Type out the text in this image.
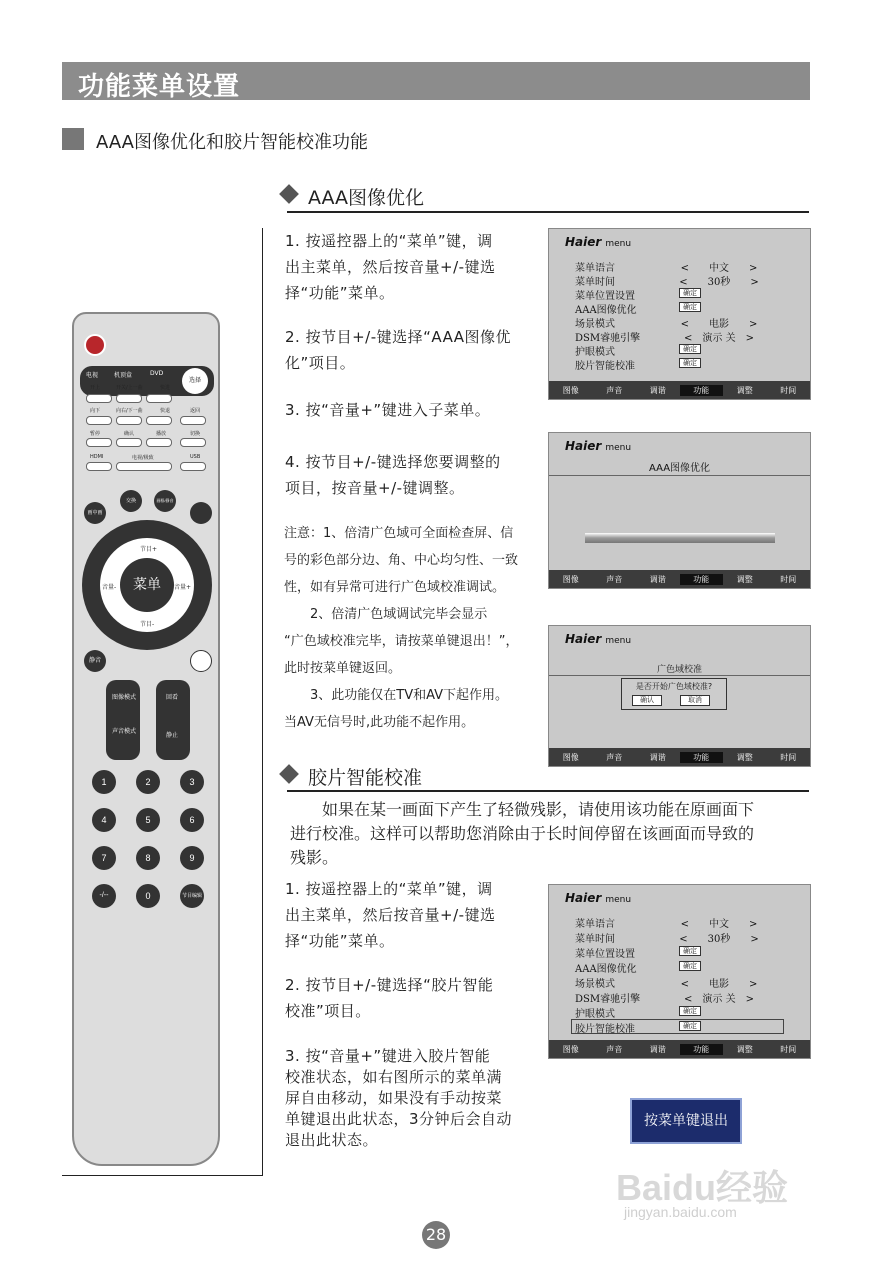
功能菜单设置
AAA图像优化和胶片智能校准功能
AAA图像优化
1. 按遥控器上的“菜单”键，调
出主菜单，然后按音量+/-键选
择“功能”菜单。
2. 按节目+/-键选择“AAA图像优
化”项目。
3. 按“音量+”键进入子菜单。
4. 按节目+/-键选择您要调整的
项目，按音量+/-键调整。
注意：1、倍清广色域可全面检查屏、信
号的彩色部分边、角、中心均匀性、一致
性，如有异常可进行广色域校准调试。
　　2、倍清广色域调试完毕会显示
“广色域校准完毕，请按菜单键退出！”，
此时按菜单键返回。
　　3、此功能仅在TV和AV下起作用。
当AV无信号时,此功能不起作用。
Haier menu
菜单语言	<　　中文　　>
菜单时间	<　　30秒　　>
菜单位置设置	确定
AAA图像优化	确定
场景模式	<　　电影　　>
DSM睿驰引擎	<　演示 关　>
护眼模式	确定
胶片智能校准	确定
图像	声音	调谐	功能	调整	时间
Haier menu
AAA图像优化
图像	声音	调谐	功能	调整	时间
Haier menu
广色域校准
是否开始广色域校准?
确认	取消
图像	声音	调谐	功能	调整	时间
胶片智能校准
　　如果在某一画面下产生了轻微残影，请使用该功能在原画面下
进行校准。这样可以帮助您消除由于长时间停留在该画面而导致的
残影。
1. 按遥控器上的“菜单”键，调
出主菜单，然后按音量+/-键选
择“功能”菜单。
2. 按节目+/-键选择“胶片智能
校准”项目。
3. 按“音量+”键进入胶片智能
校准状态，如右图所示的菜单满
屏自由移动，如果没有手动按菜
单键退出此状态，3分钟后会自动
退出此状态。
Haier menu
菜单语言	<　　中文　　>
菜单时间	<　　30秒　　>
菜单位置设置	确定
AAA图像优化	确定
场景模式	<　　电影　　>
DSM睿驰引擎	<　演示 关　>
护眼模式	确定
胶片智能校准	确定
图像	声音	调谐	功能	调整	时间
按菜单键退出
电视	机顶盒	DVD
选择
开上	开关/上一曲	快进
向下	向右/下一曲	快退	返回
暂停	确认	播放	切换
HDMI	电视/极致	USB
画中画
交换	画框/静音
菜单
节目+
节目-
音量-	音量+
静音
图像模式
声音模式
回看
静止
1	2	3
4	5	6
7	8	9
-/--	0	节目编辑
28
Baidu经验
jingyan.baidu.com
